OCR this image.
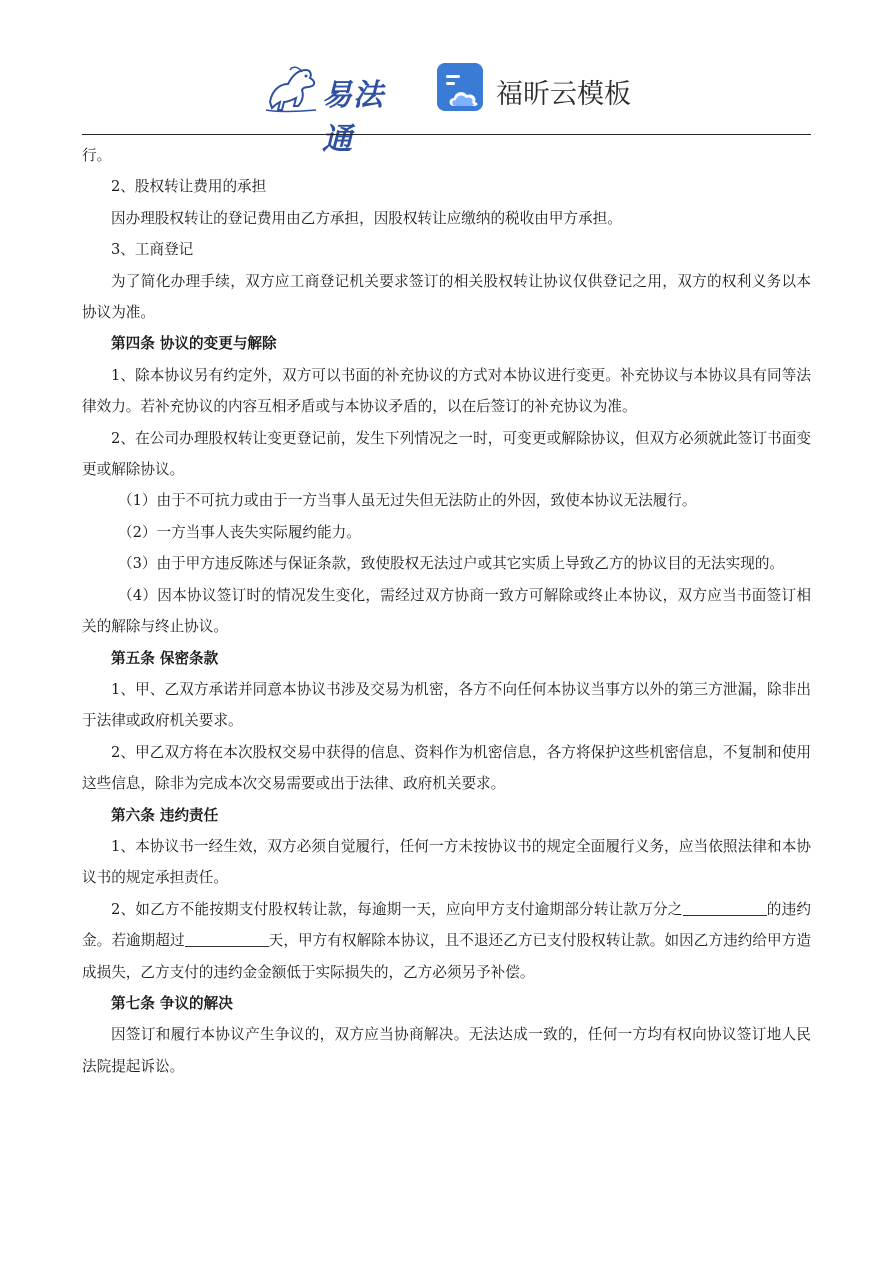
易法通
福昕云模板

行。

2、股权转让费用的承担

因办理股权转让的登记费用由乙方承担，因股权转让应缴纳的税收由甲方承担。

3、工商登记

为了简化办理手续，双方应工商登记机关要求签订的相关股权转让协议仅供登记之用，双方的权利义务以本协议为准。

第四条 协议的变更与解除

1、除本协议另有约定外，双方可以书面的补充协议的方式对本协议进行变更。补充协议与本协议具有同等法律效力。若补充协议的内容互相矛盾或与本协议矛盾的，以在后签订的补充协议为准。

2、在公司办理股权转让变更登记前，发生下列情况之一时，可变更或解除协议，但双方必须就此签订书面变更或解除协议。

（1）由于不可抗力或由于一方当事人虽无过失但无法防止的外因，致使本协议无法履行。

（2）一方当事人丧失实际履约能力。

（3）由于甲方违反陈述与保证条款，致使股权无法过户或其它实质上导致乙方的协议目的无法实现的。

（4）因本协议签订时的情况发生变化，需经过双方协商一致方可解除或终止本协议，双方应当书面签订相关的解除与终止协议。

第五条 保密条款

1、甲、乙双方承诺并同意本协议书涉及交易为机密，各方不向任何本协议当事方以外的第三方泄漏，除非出于法律或政府机关要求。

2、甲乙双方将在本次股权交易中获得的信息、资料作为机密信息，各方将保护这些机密信息，不复制和使用这些信息，除非为完成本次交易需要或出于法律、政府机关要求。

第六条 违约责任

1、本协议书一经生效，双方必须自觉履行，任何一方未按协议书的规定全面履行义务，应当依照法律和本协议书的规定承担责任。

2、如乙方不能按期支付股权转让款，每逾期一天，应向甲方支付逾期部分转让款万分之	的违约金。若逾期超过	天，甲方有权解除本协议，且不退还乙方已支付股权转让款。如因乙方违约给甲方造成损失，乙方支付的违约金金额低于实际损失的，乙方必须另予补偿。

第七条 争议的解决

因签订和履行本协议产生争议的，双方应当协商解决。无法达成一致的，任何一方均有权向协议签订地人民法院提起诉讼。
